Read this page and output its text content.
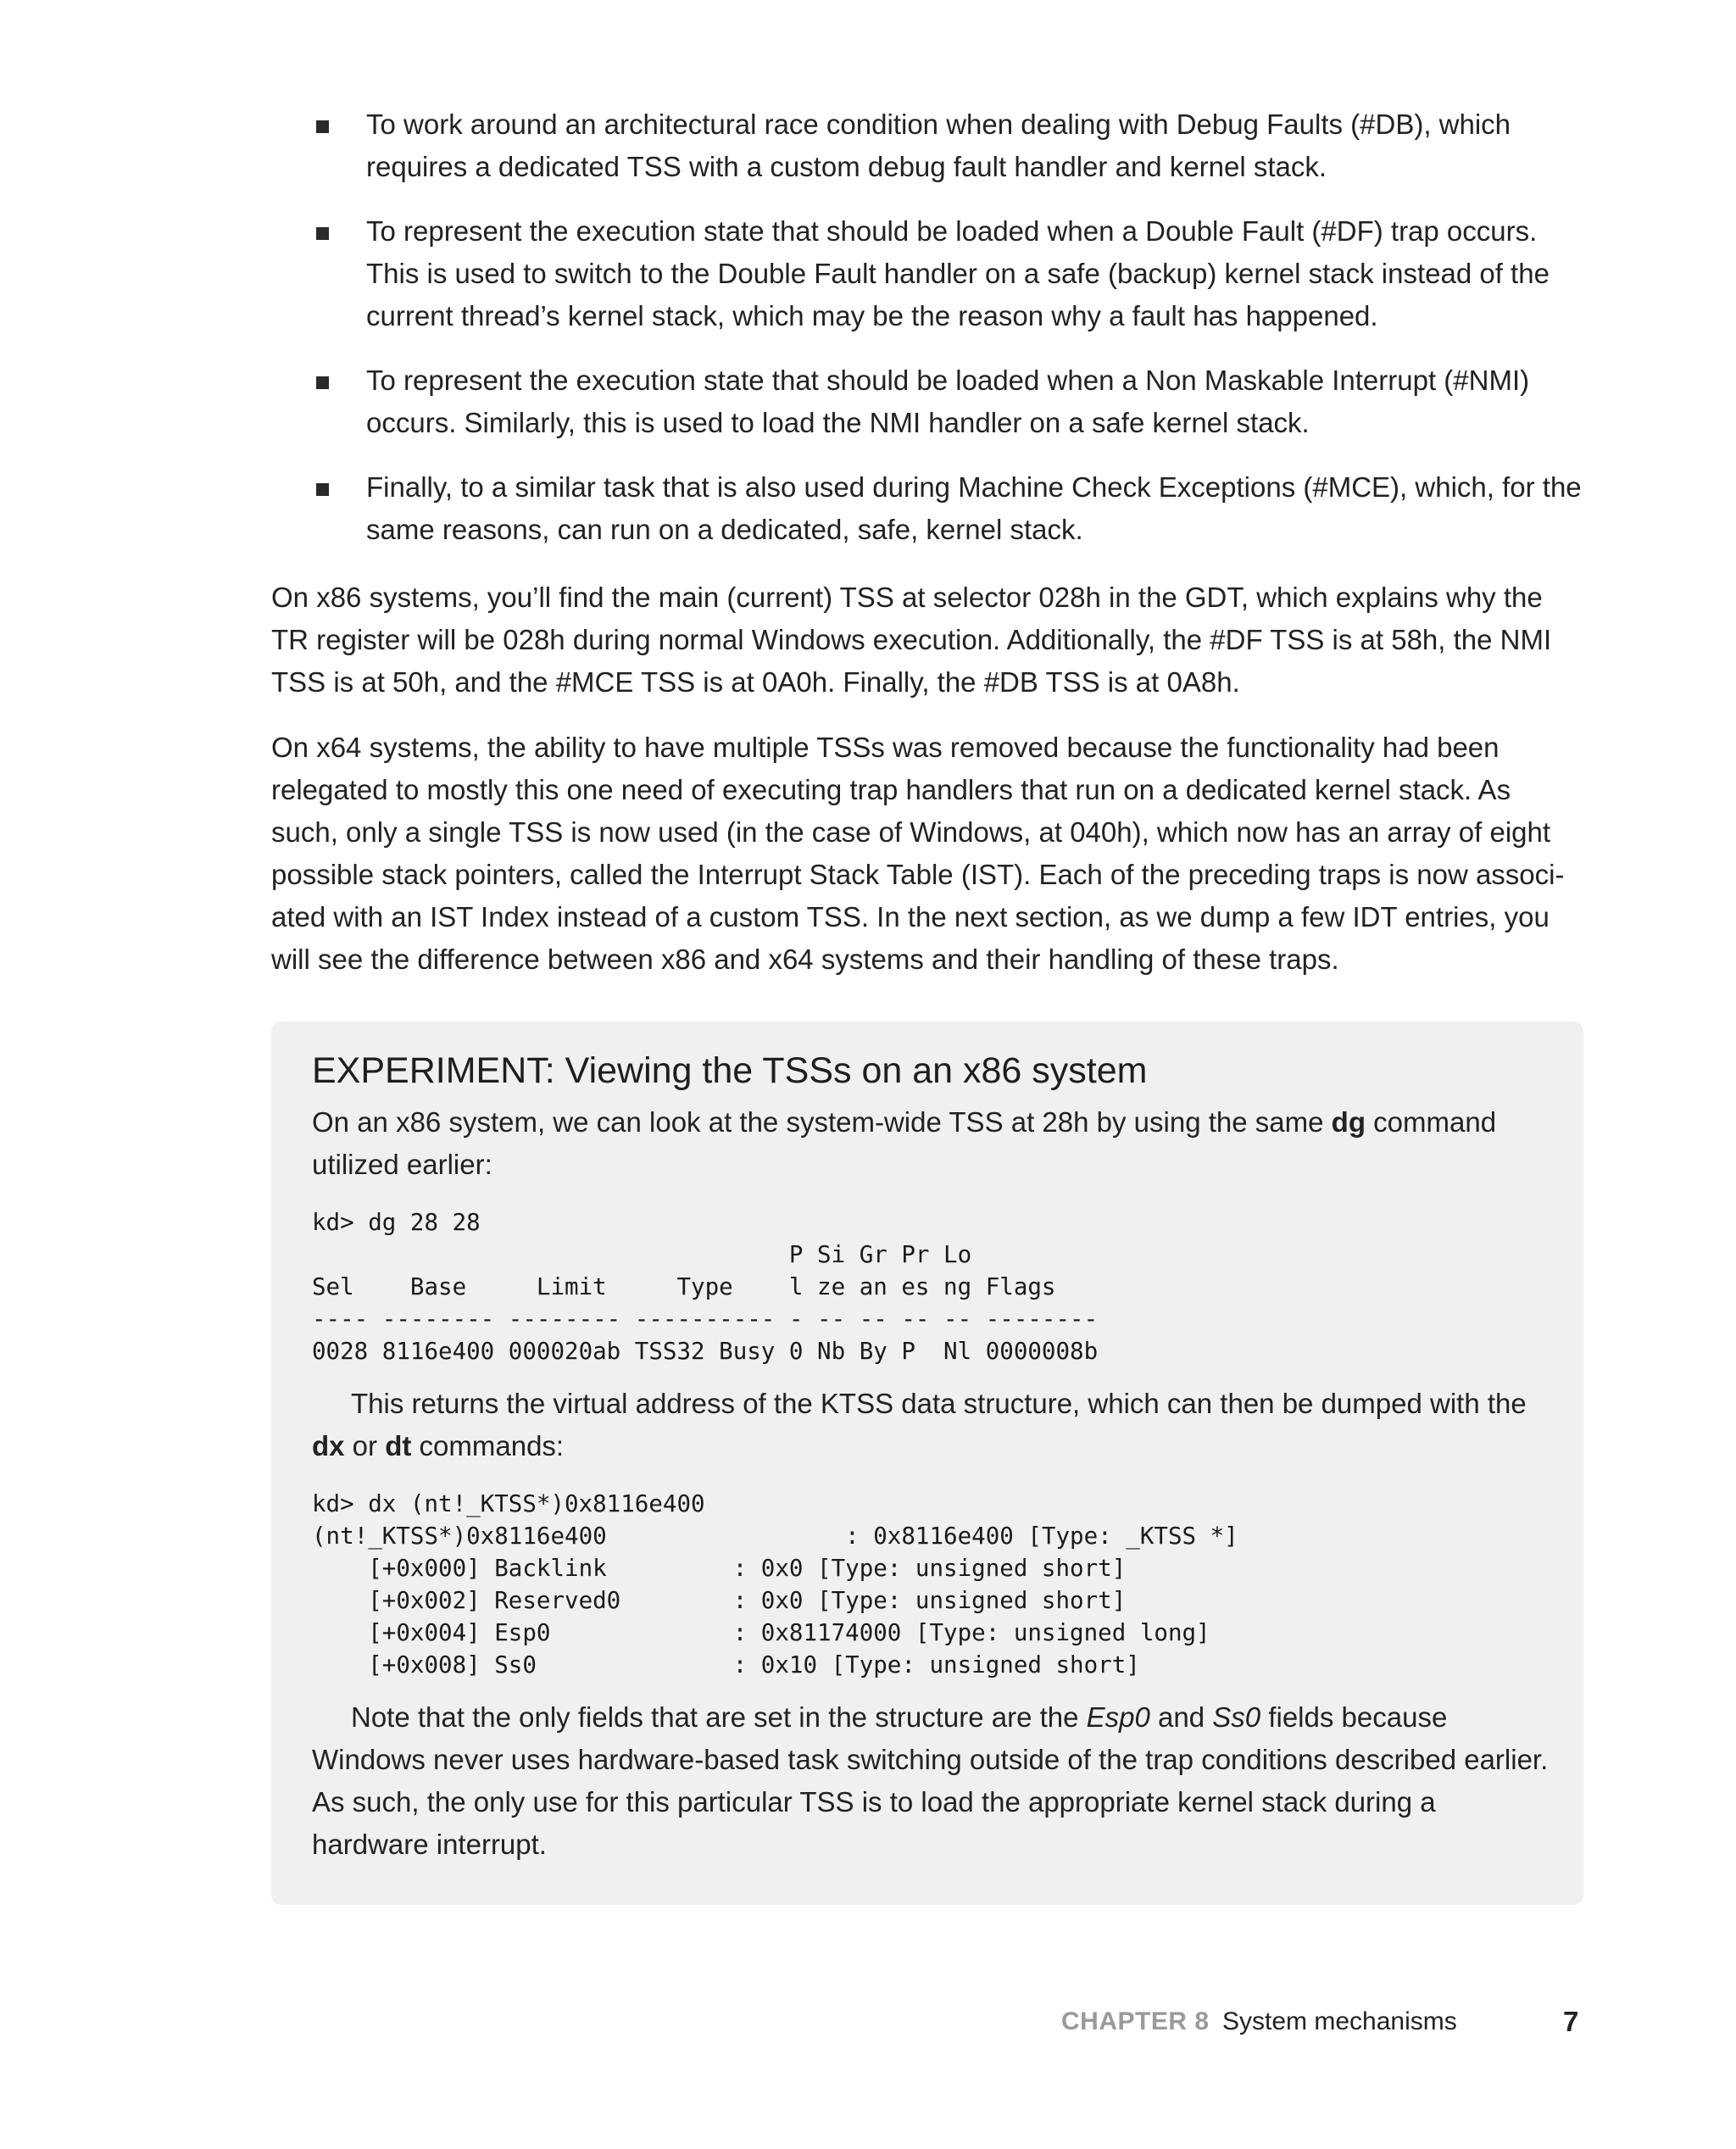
To work around an architectural race condition when dealing with Debug Faults (#DB), which requires a dedicated TSS with a custom debug fault handler and kernel stack.
To represent the execution state that should be loaded when a Double Fault (#DF) trap occurs. This is used to switch to the Double Fault handler on a safe (backup) kernel stack instead of the current thread’s kernel stack, which may be the reason why a fault has happened.
To represent the execution state that should be loaded when a Non Maskable Interrupt (#NMI) occurs. Similarly, this is used to load the NMI handler on a safe kernel stack.
Finally, to a similar task that is also used during Machine Check Exceptions (#MCE), which, for the same reasons, can run on a dedicated, safe, kernel stack.

On x86 systems, you’ll find the main (current) TSS at selector 028h in the GDT, which explains why the TR register will be 028h during normal Windows execution. Additionally, the #DF TSS is at 58h, the NMI TSS is at 50h, and the #MCE TSS is at 0A0h. Finally, the #DB TSS is at 0A8h.

On x64 systems, the ability to have multiple TSSs was removed because the functionality had been relegated to mostly this one need of executing trap handlers that run on a dedicated kernel stack. As such, only a single TSS is now used (in the case of Windows, at 040h), which now has an array of eight possible stack pointers, called the Interrupt Stack Table (IST). Each of the preceding traps is now associ-ated with an IST Index instead of a custom TSS. In the next section, as we dump a few IDT entries, you will see the difference between x86 and x64 systems and their handling of these traps.

EXPERIMENT: Viewing the TSSs on an x86 system

On an x86 system, we can look at the system-wide TSS at 28h by using the same dg command utilized earlier:

kd> dg 28 28
P Si Gr Pr Lo
Sel    Base     Limit     Type    l ze an es ng Flags
---- -------- -------- ---------- - -- -- -- -- --------
0028 8116e400 000020ab TSS32 Busy 0 Nb By P  Nl 0000008b

This returns the virtual address of the KTSS data structure, which can then be dumped with the dx or dt commands:

kd> dx (nt!_KTSS*)0x8116e400
(nt!_KTSS*)0x8116e400                 : 0x8116e400 [Type: _KTSS *]
[+0x000] Backlink         : 0x0 [Type: unsigned short]
[+0x002] Reserved0        : 0x0 [Type: unsigned short]
[+0x004] Esp0             : 0x81174000 [Type: unsigned long]
[+0x008] Ss0              : 0x10 [Type: unsigned short]

Note that the only fields that are set in the structure are the Esp0 and Ss0 fields because Windows never uses hardware-based task switching outside of the trap conditions described earlier. As such, the only use for this particular TSS is to load the appropriate kernel stack during a hardware interrupt.

CHAPTER 8 System mechanisms	7
